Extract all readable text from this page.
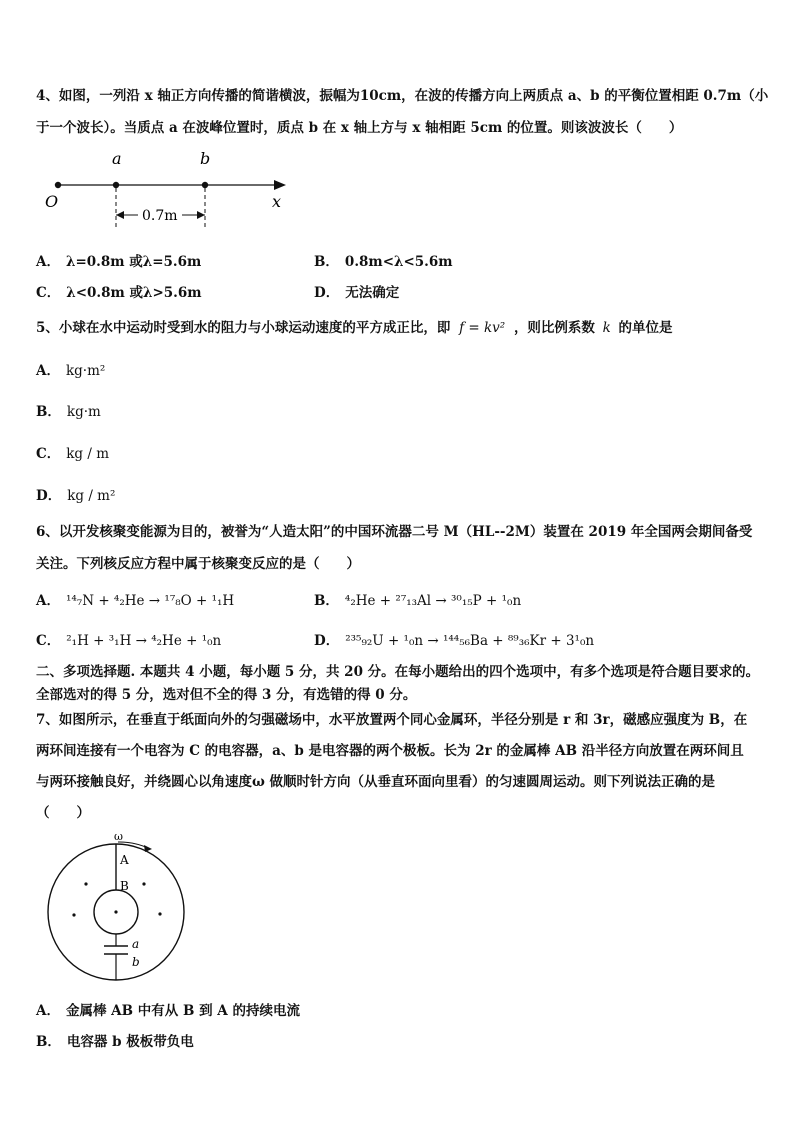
4、如图，一列沿 x 轴正方向传播的简谐横波，振幅为10cm，在波的传播方向上两质点 a、b 的平衡位置相距 0.7m（小
于一个波长）。当质点 a 在波峰位置时，质点 b 在 x 轴上方与 x 轴相距 5cm 的位置。则该波波长（　　）
a	b
O	x
0.7m
A． λ=0.8m 或λ=5.6m	B． 0.8m<λ<5.6m
C． λ<0.8m 或λ>5.6m	D． 无法确定
5、小球在水中运动时受到水的阻力与小球运动速度的平方成正比，即 f = kv² ，则比例系数 k 的单位是
A． kg·m²
B． kg·m
C． kg / m
D． kg / m²
6、以开发核聚变能源为目的，被誉为“人造太阳”的中国环流器二号 M（HL--2M）装置在 2019 年全国两会期间备受
关注。下列核反应方程中属于核聚变反应的是（　　）
A． ¹⁴₇N + ⁴₂He → ¹⁷₈O + ¹₁H	B． ⁴₂He + ²⁷₁₃Al → ³⁰₁₅P + ¹₀n
C． ²₁H + ³₁H → ⁴₂He + ¹₀n	D． ²³⁵₉₂U + ¹₀n → ¹⁴⁴₅₆Ba + ⁸⁹₃₆Kr + 3¹₀n
二、多项选择题. 本题共 4 小题，每小题 5 分，共 20 分。在每小题给出的四个选项中，有多个选项是符合题目要求的。
全部选对的得 5 分，选对但不全的得 3 分，有选错的得 0 分。
7、如图所示，在垂直于纸面向外的匀强磁场中，水平放置两个同心金属环，半径分别是 r 和 3r，磁感应强度为 B，在
两环间连接有一个电容为 C 的电容器，a、b 是电容器的两个极板。长为 2r 的金属棒 AB 沿半径方向放置在两环间且
与两环接触良好，并绕圆心以角速度ω 做顺时针方向（从垂直环面向里看）的匀速圆周运动。则下列说法正确的是
（　　）
ω
A
B
a
b
A． 金属棒 AB 中有从 B 到 A 的持续电流
B． 电容器 b 极板带负电
